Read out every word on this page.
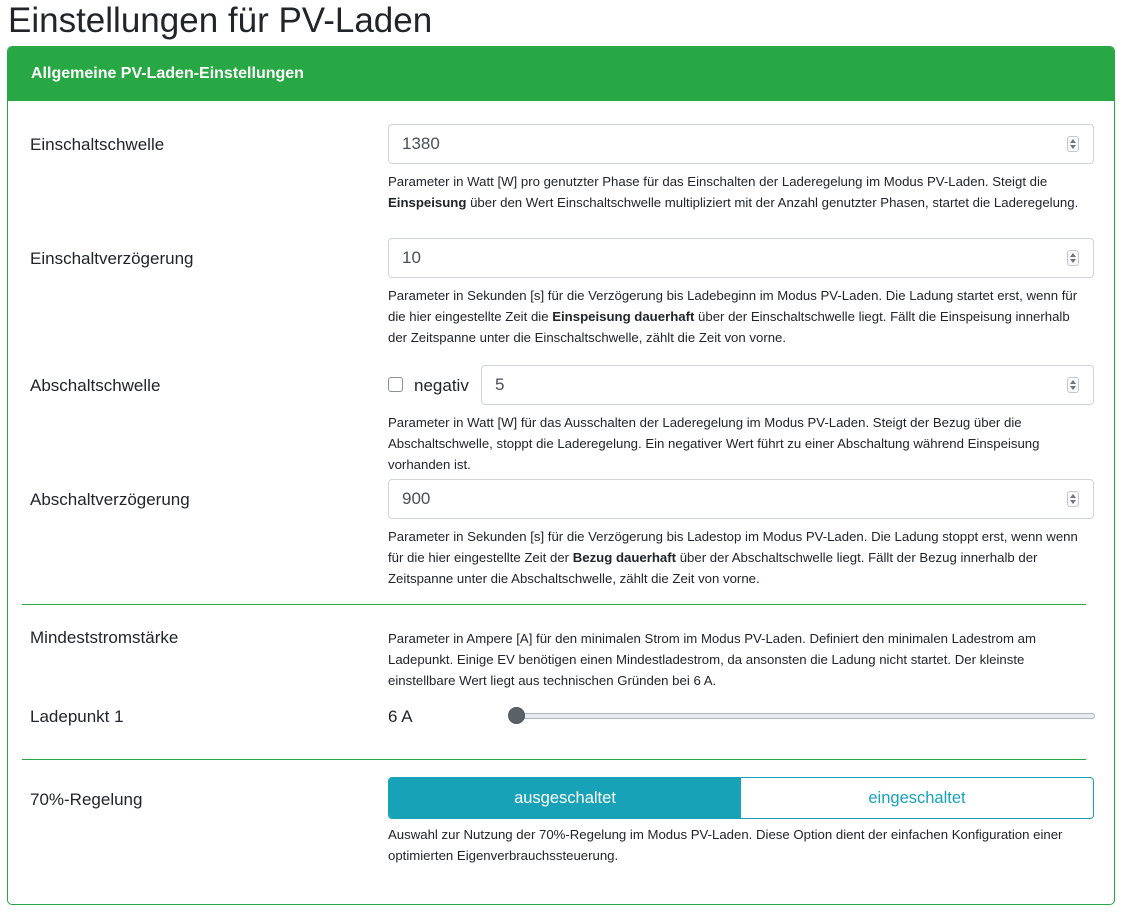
Einstellungen für PV-Laden
Allgemeine PV-Laden-Einstellungen
Einschaltschwelle	1380
Parameter in Watt [W] pro genutzter Phase für das Einschalten der Laderegelung im Modus PV-Laden. Steigt die Einspeisung über den Wert Einschaltschwelle multipliziert mit der Anzahl genutzter Phasen, startet die Laderegelung.
Einschaltverzögerung	10
Parameter in Sekunden [s] für die Verzögerung bis Ladebeginn im Modus PV-Laden. Die Ladung startet erst, wenn für die hier eingestellte Zeit die Einspeisung dauerhaft über der Einschaltschwelle liegt. Fällt die Einspeisung innerhalb der Zeitspanne unter die Einschaltschwelle, zählt die Zeit von vorne.
Abschaltschwelle	negativ	5
Parameter in Watt [W] für das Ausschalten der Laderegelung im Modus PV-Laden. Steigt der Bezug über die Abschaltschwelle, stoppt die Laderegelung. Ein negativer Wert führt zu einer Abschaltung während Einspeisung vorhanden ist.
Abschaltverzögerung	900
Parameter in Sekunden [s] für die Verzögerung bis Ladestop im Modus PV-Laden. Die Ladung stoppt erst, wenn wenn für die hier eingestellte Zeit der Bezug dauerhaft über der Abschaltschwelle liegt. Fällt der Bezug innerhalb der Zeitspanne unter die Abschaltschwelle, zählt die Zeit von vorne.
Mindeststromstärke	Parameter in Ampere [A] für den minimalen Strom im Modus PV-Laden. Definiert den minimalen Ladestrom am Ladepunkt. Einige EV benötigen einen Mindestladestrom, da ansonsten die Ladung nicht startet. Der kleinste einstellbare Wert liegt aus technischen Gründen bei 6 A.
Ladepunkt 1	6 A
70%-Regelung	ausgeschaltet	eingeschaltet
Auswahl zur Nutzung der 70%-Regelung im Modus PV-Laden. Diese Option dient der einfachen Konfiguration einer optimierten Eigenverbrauchssteuerung.
